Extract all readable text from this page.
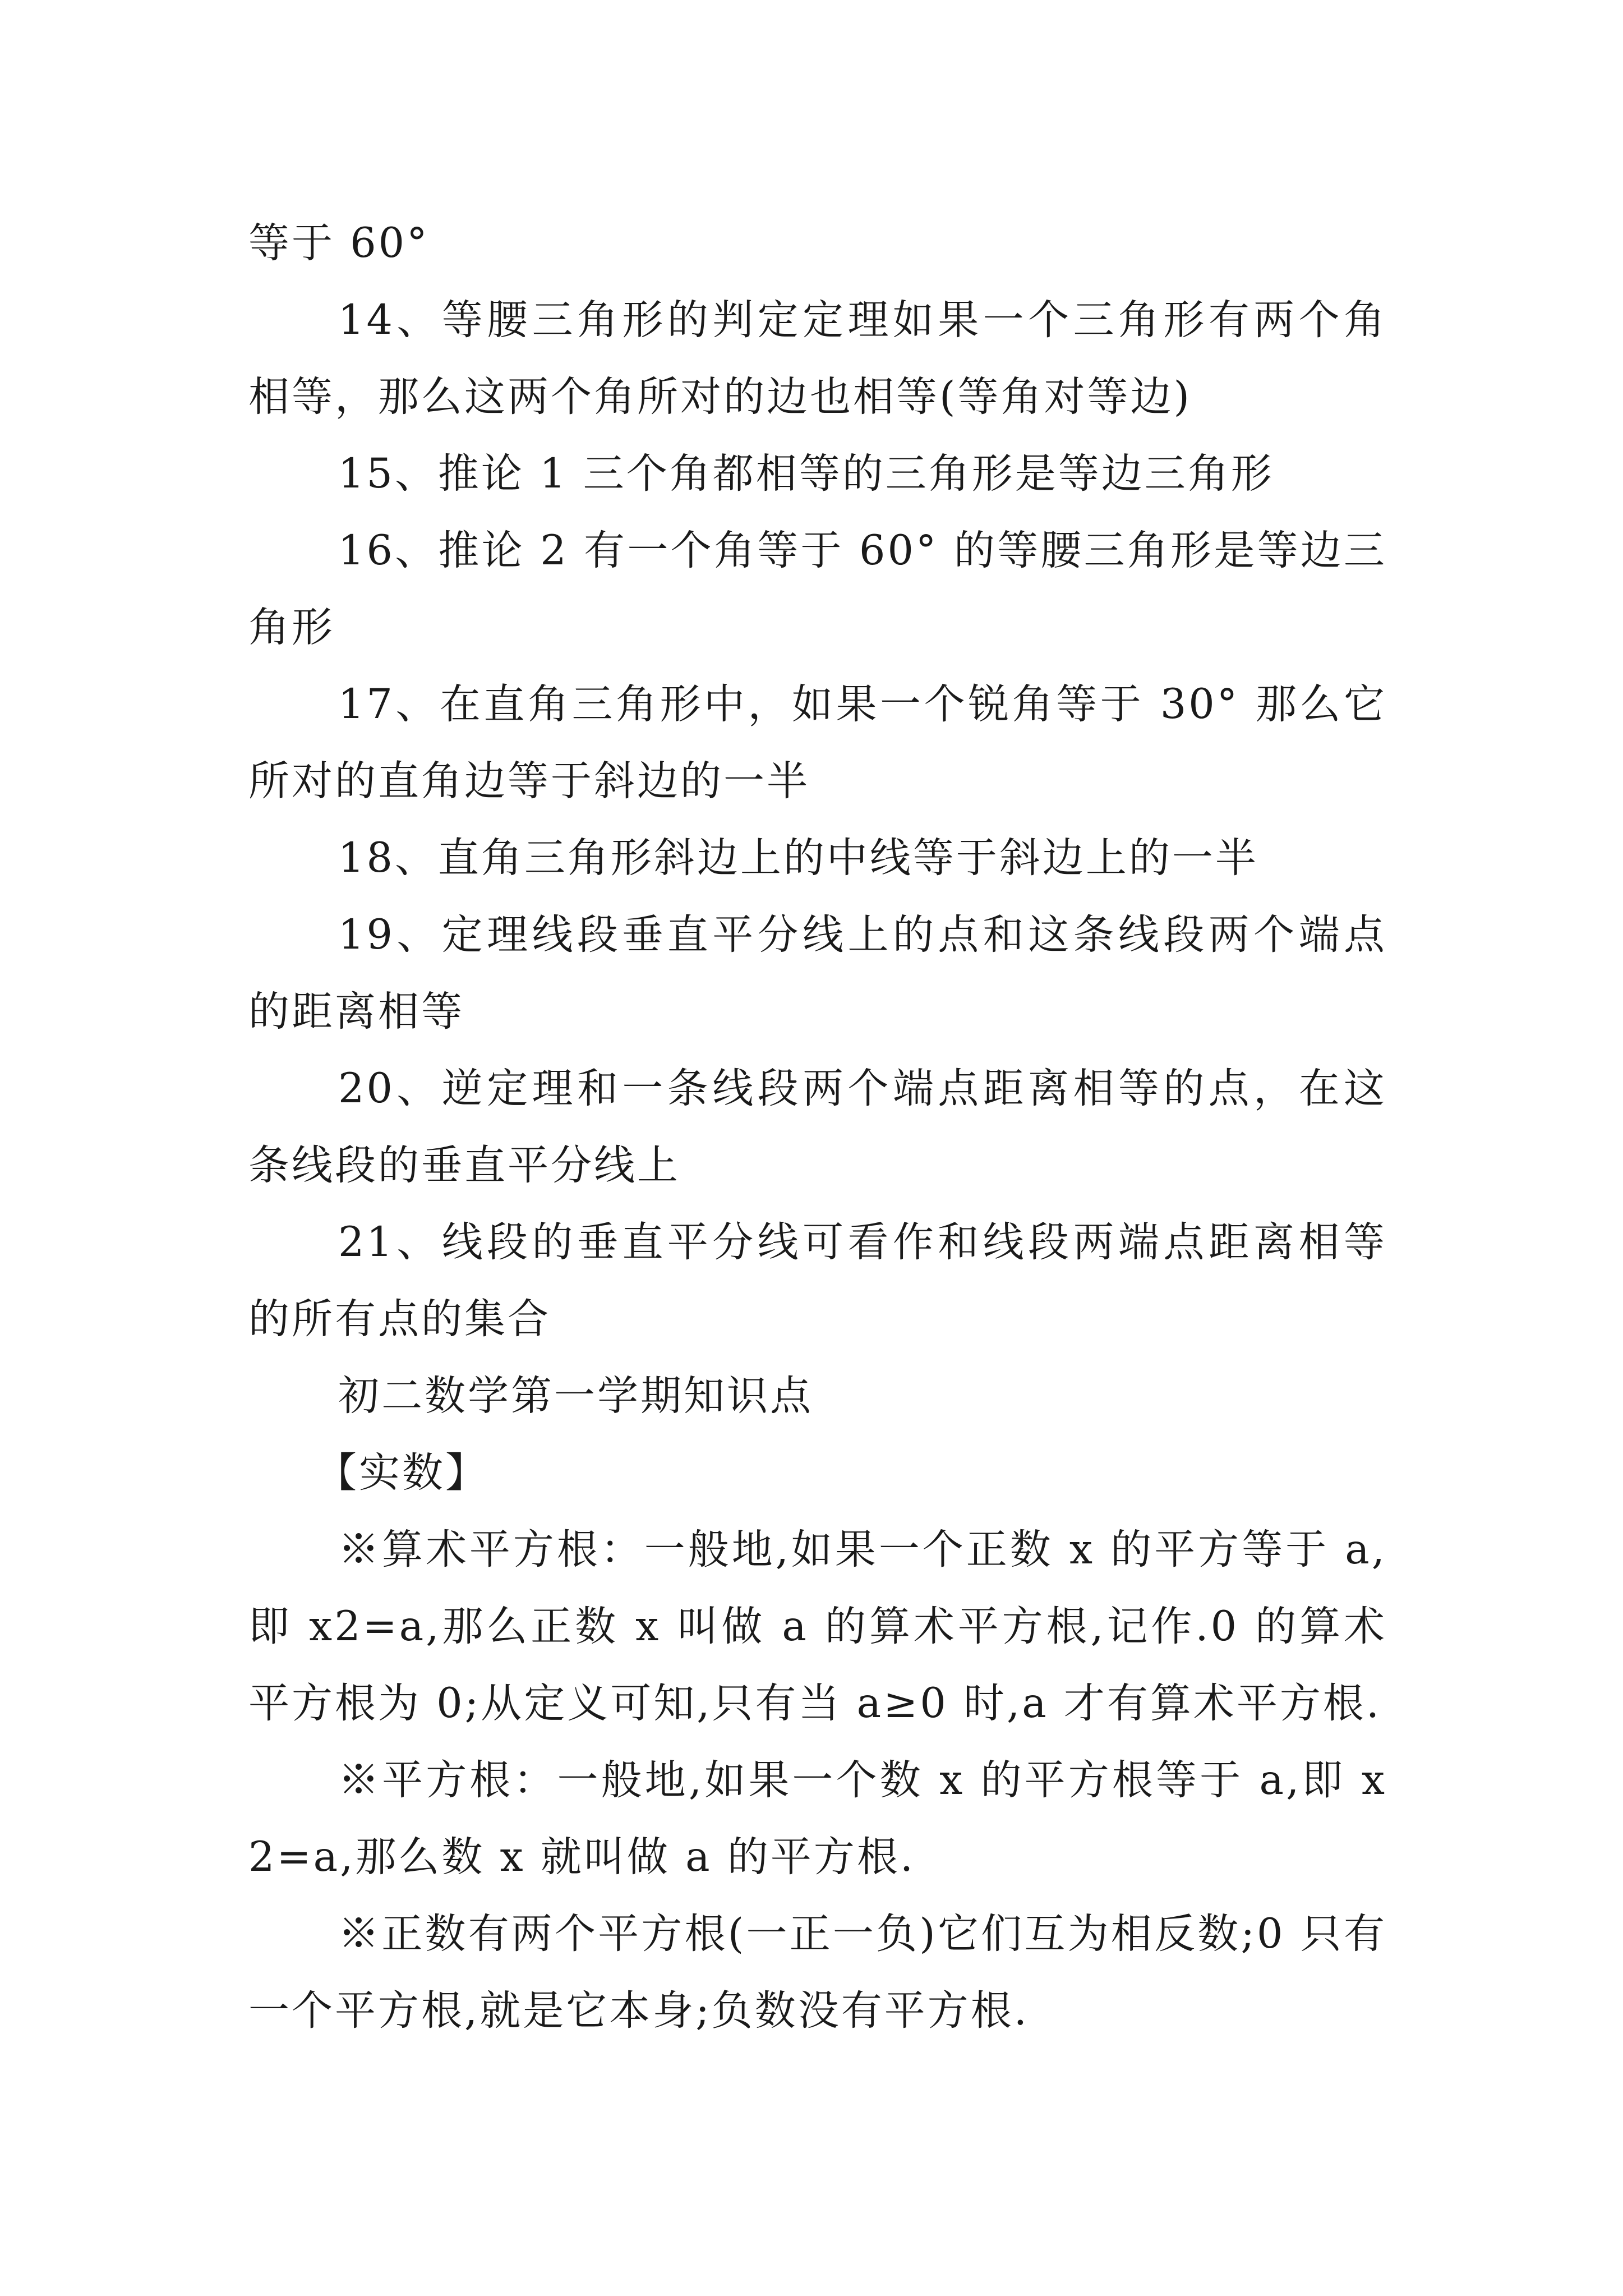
等于 60°

14、等腰三角形的判定定理如果一个三角形有两个角相等，那么这两个角所对的边也相等(等角对等边)

15、推论 1 三个角都相等的三角形是等边三角形

16、推论 2 有一个角等于 60° 的等腰三角形是等边三角形

17、在直角三角形中，如果一个锐角等于 30° 那么它所对的直角边等于斜边的一半

18、直角三角形斜边上的中线等于斜边上的一半

19、定理线段垂直平分线上的点和这条线段两个端点的距离相等

20、逆定理和一条线段两个端点距离相等的点，在这条线段的垂直平分线上

21、线段的垂直平分线可看作和线段两端点距离相等的所有点的集合

初二数学第一学期知识点

【实数】

※算术平方根：一般地,如果一个正数 x 的平方等于 a,即 x2=a,那么正数 x 叫做 a 的算术平方根,记作.0 的算术平方根为 0;从定义可知,只有当 a≥0 时,a 才有算术平方根.

※平方根：一般地,如果一个数 x 的平方根等于 a,即 x2=a,那么数 x 就叫做 a 的平方根.

※正数有两个平方根(一正一负)它们互为相反数;0 只有一个平方根,就是它本身;负数没有平方根.
